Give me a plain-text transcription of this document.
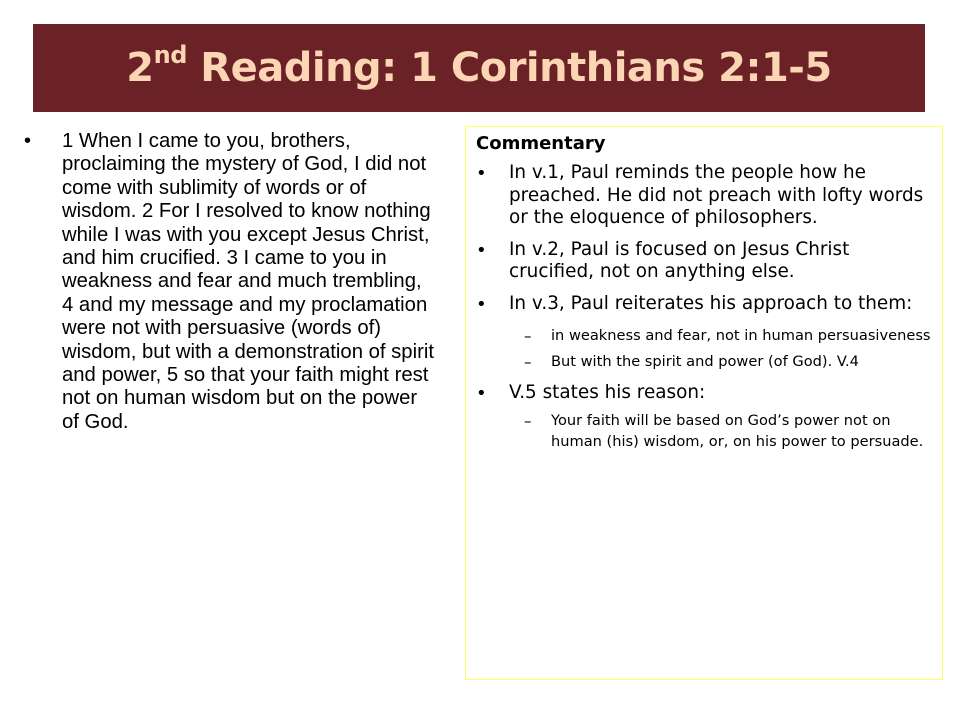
2nd Reading: 1 Corinthians 2:1-5
•	1 When I came to you, brothers, proclaiming the mystery of God, I did not come with sublimity of words or of wisdom. 2 For I resolved to know nothing while I was with you except Jesus Christ, and him crucified. 3 I came to you in weakness and fear and much trembling, 4 and my message and my proclamation were not with persuasive (words of) wisdom, but with a demonstration of spirit and power, 5 so that your faith might rest not on human wisdom but on the power of God.

Commentary

•	In v.1, Paul reminds the people how he preached. He did not preach with lofty words or the eloquence of philosophers.

•	In v.2, Paul is focused on Jesus Christ crucified, not on anything else.

•	In v.3, Paul reiterates his approach to them:

–	in weakness and fear, not in human persuasiveness

–	But with the spirit and power (of God). V.4

•	V.5 states his reason:

–	Your faith will be based on God’s power not on human (his) wisdom, or, on his power to persuade.
